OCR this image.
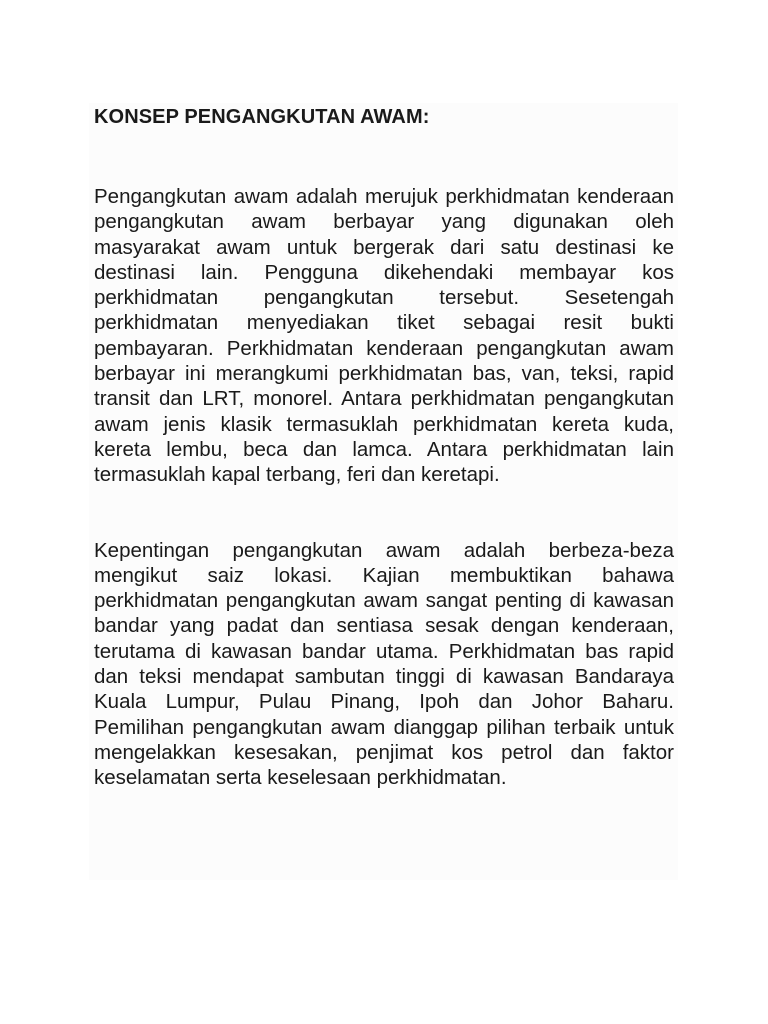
KONSEP PENGANGKUTAN AWAM:

Pengangkutan awam adalah merujuk perkhidmatan kenderaan pengangkutan awam berbayar yang digunakan oleh masyarakat awam untuk bergerak dari satu destinasi ke destinasi lain. Pengguna dikehendaki membayar kos perkhidmatan pengangkutan tersebut. Sesetengah perkhidmatan menyediakan tiket sebagai resit bukti pembayaran. Perkhidmatan kenderaan pengangkutan awam berbayar ini merangkumi perkhidmatan bas, van, teksi, rapid transit dan LRT, monorel. Antara perkhidmatan pengangkutan awam jenis klasik termasuklah perkhidmatan kereta kuda, kereta lembu, beca dan lamca. Antara perkhidmatan lain termasuklah kapal terbang, feri dan keretapi.

Kepentingan pengangkutan awam adalah berbeza-beza mengikut saiz lokasi. Kajian membuktikan bahawa perkhidmatan pengangkutan awam sangat penting di kawasan bandar yang padat dan sentiasa sesak dengan kenderaan, terutama di kawasan bandar utama. Perkhidmatan bas rapid dan teksi mendapat sambutan tinggi di kawasan Bandaraya Kuala Lumpur, Pulau Pinang, Ipoh dan Johor Baharu. Pemilihan pengangkutan awam dianggap pilihan terbaik untuk mengelakkan kesesakan, penjimat kos petrol dan faktor keselamatan serta keselesaan perkhidmatan.
